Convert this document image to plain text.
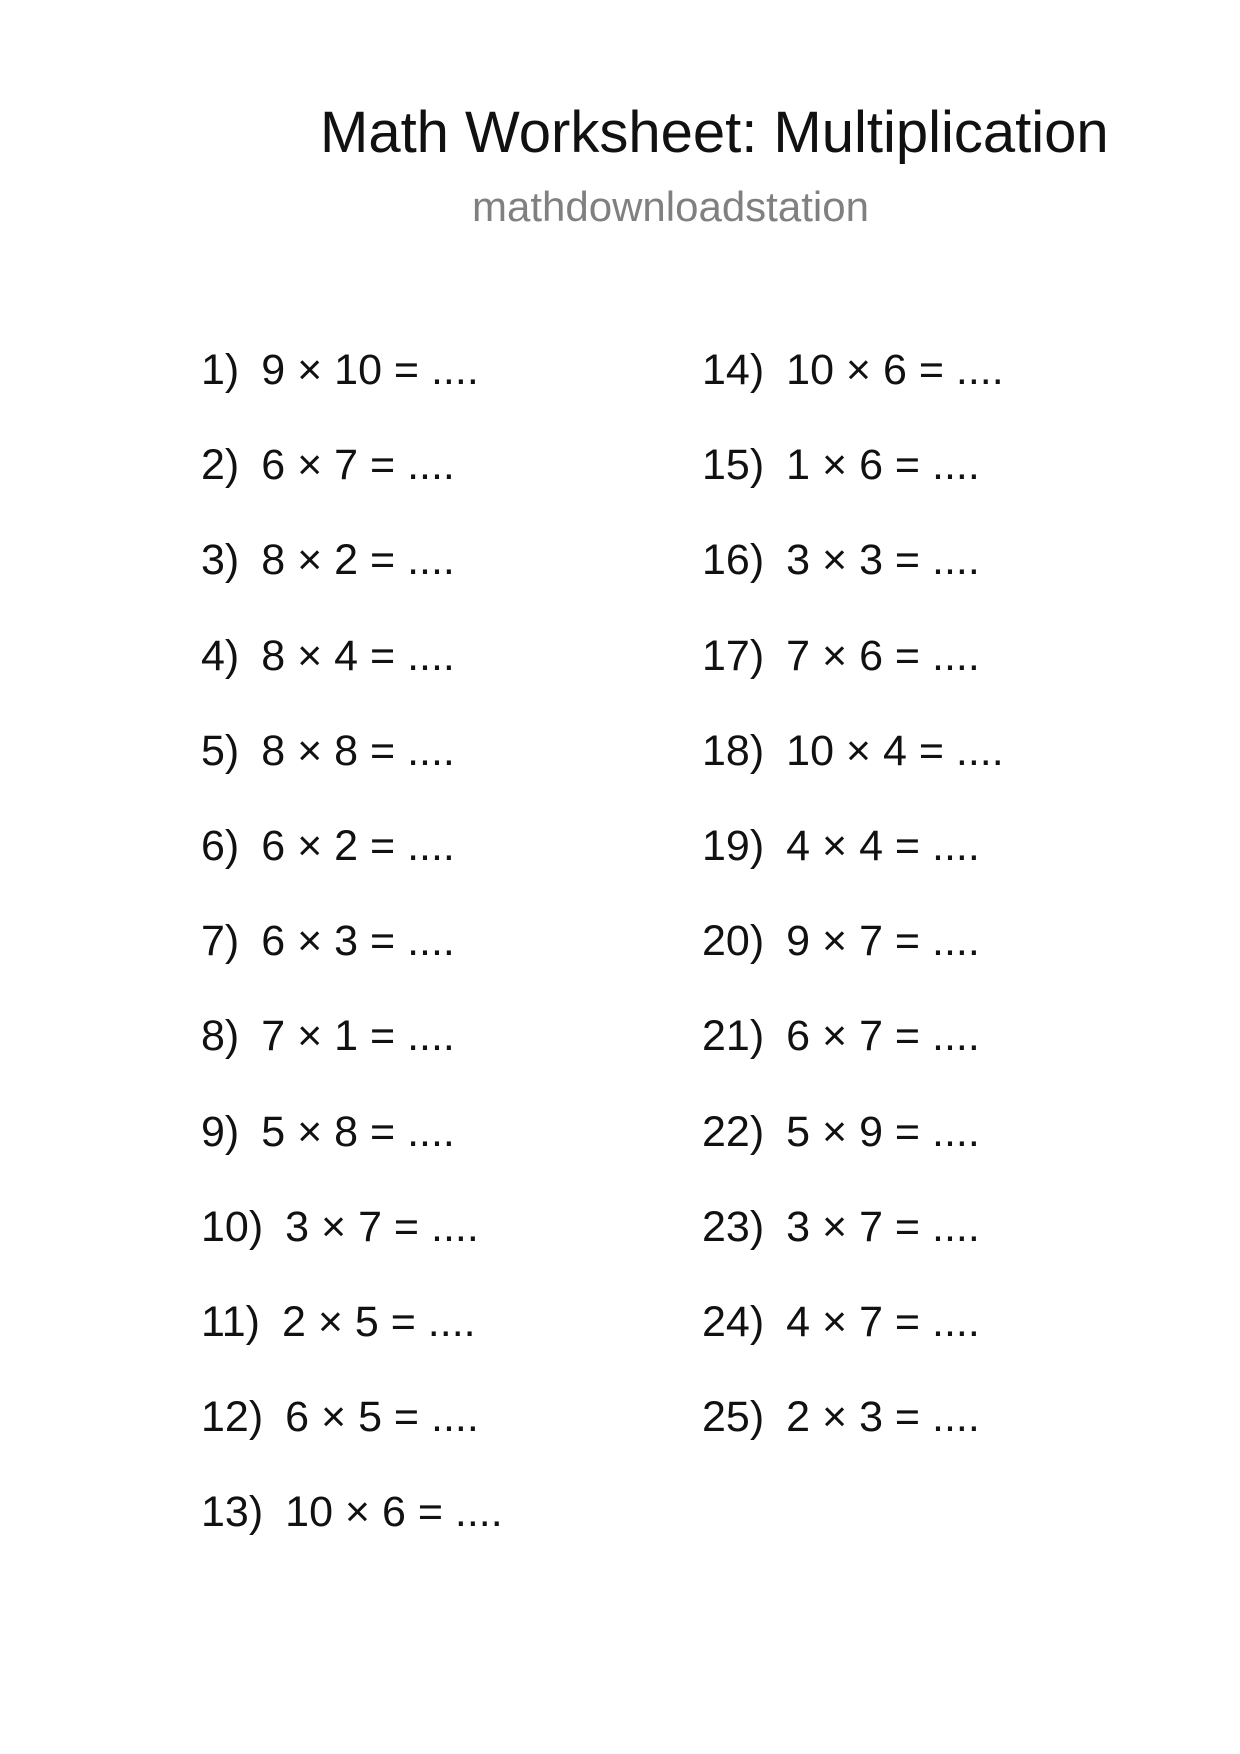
Math Worksheet: Multiplication
mathdownloadstation
1) 9 × 10 = ....
2) 6 × 7 = ....
3) 8 × 2 = ....
4) 8 × 4 = ....
5) 8 × 8 = ....
6) 6 × 2 = ....
7) 6 × 3 = ....
8) 7 × 1 = ....
9) 5 × 8 = ....
10) 3 × 7 = ....
11) 2 × 5 = ....
12) 6 × 5 = ....
13) 10 × 6 = ....
14) 10 × 6 = ....
15) 1 × 6 = ....
16) 3 × 3 = ....
17) 7 × 6 = ....
18) 10 × 4 = ....
19) 4 × 4 = ....
20) 9 × 7 = ....
21) 6 × 7 = ....
22) 5 × 9 = ....
23) 3 × 7 = ....
24) 4 × 7 = ....
25) 2 × 3 = ....
